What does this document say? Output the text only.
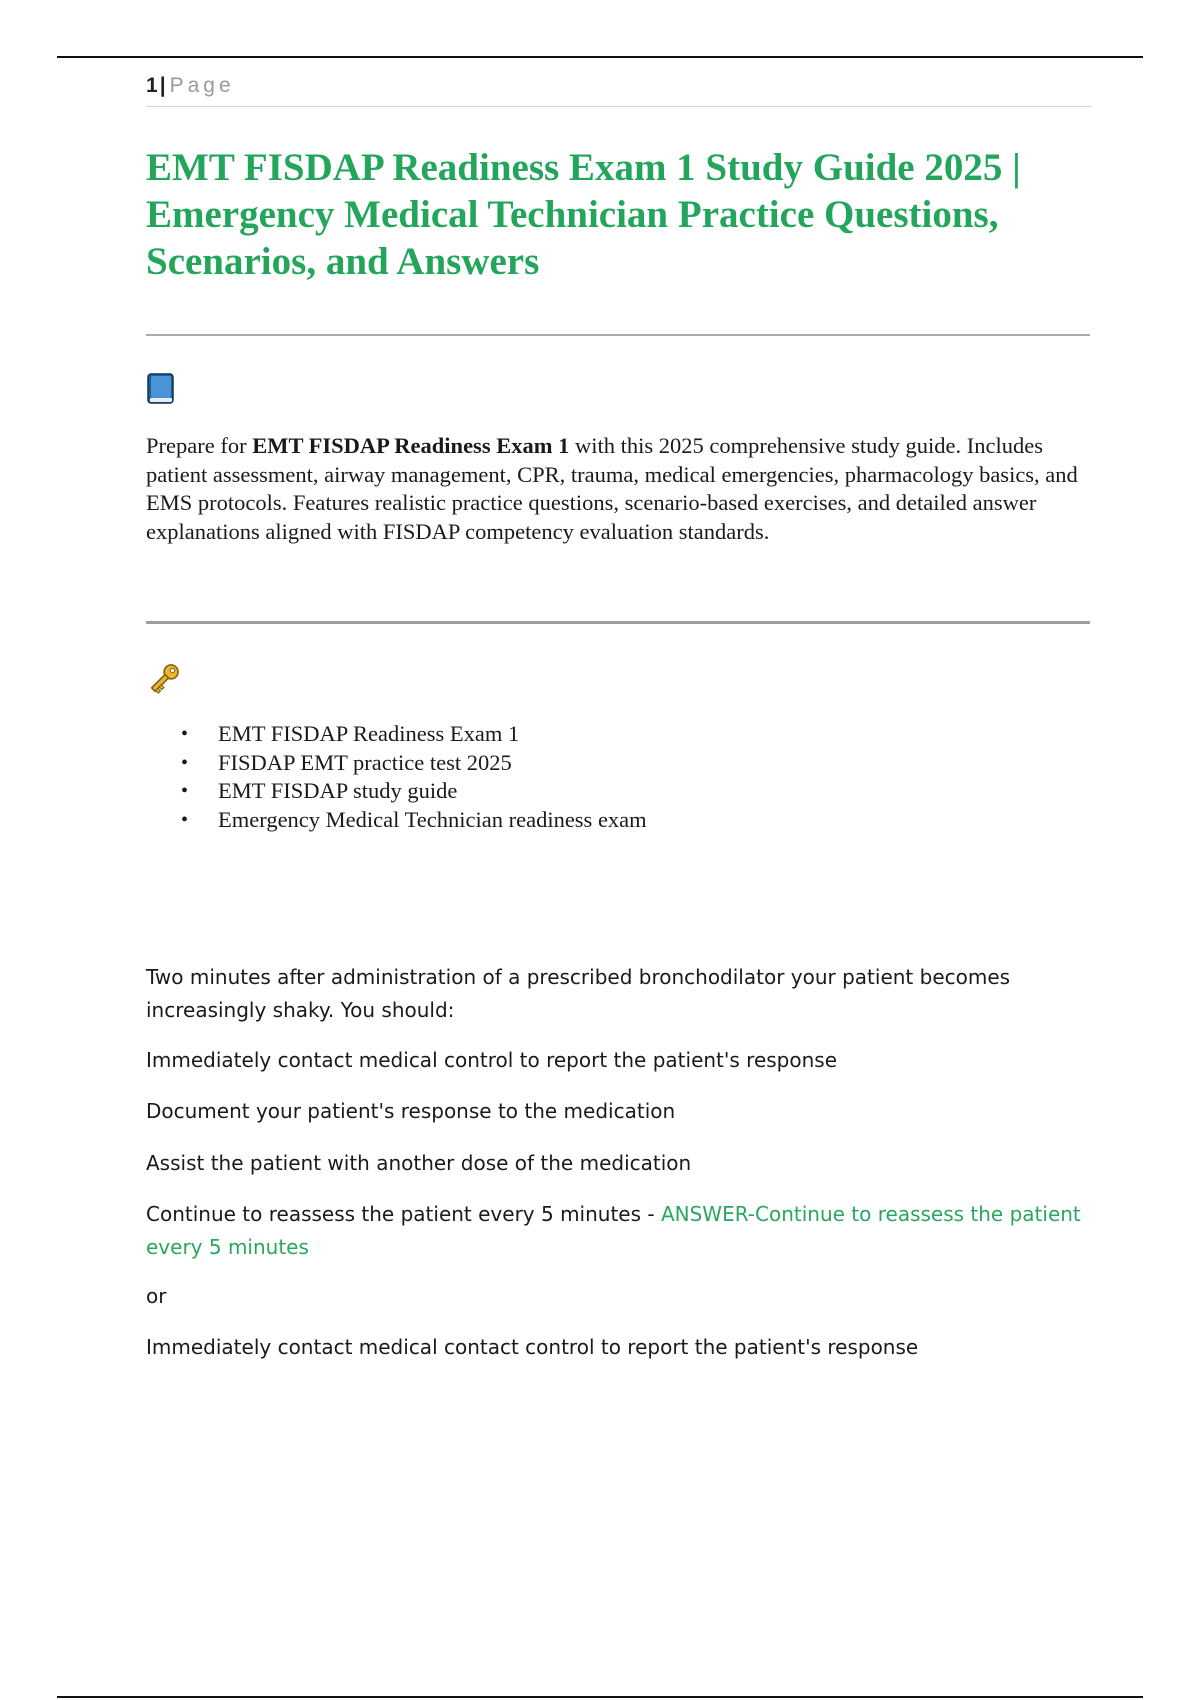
1| Page
EMT FISDAP Readiness Exam 1 Study Guide 2025 | Emergency Medical Technician Practice Questions, Scenarios, and Answers

Prepare for EMT FISDAP Readiness Exam 1 with this 2025 comprehensive study guide. Includes patient assessment, airway management, CPR, trauma, medical emergencies, pharmacology basics, and EMS protocols. Features realistic practice questions, scenario-based exercises, and detailed answer explanations aligned with FISDAP competency evaluation standards.

• EMT FISDAP Readiness Exam 1
• FISDAP EMT practice test 2025
• EMT FISDAP study guide
• Emergency Medical Technician readiness exam

Two minutes after administration of a prescribed bronchodilator your patient becomes increasingly shaky. You should:

Immediately contact medical control to report the patient's response

Document your patient's response to the medication

Assist the patient with another dose of the medication

Continue to reassess the patient every 5 minutes - ANSWER-Continue to reassess the patient every 5 minutes

or

Immediately contact medical contact control to report the patient's response
